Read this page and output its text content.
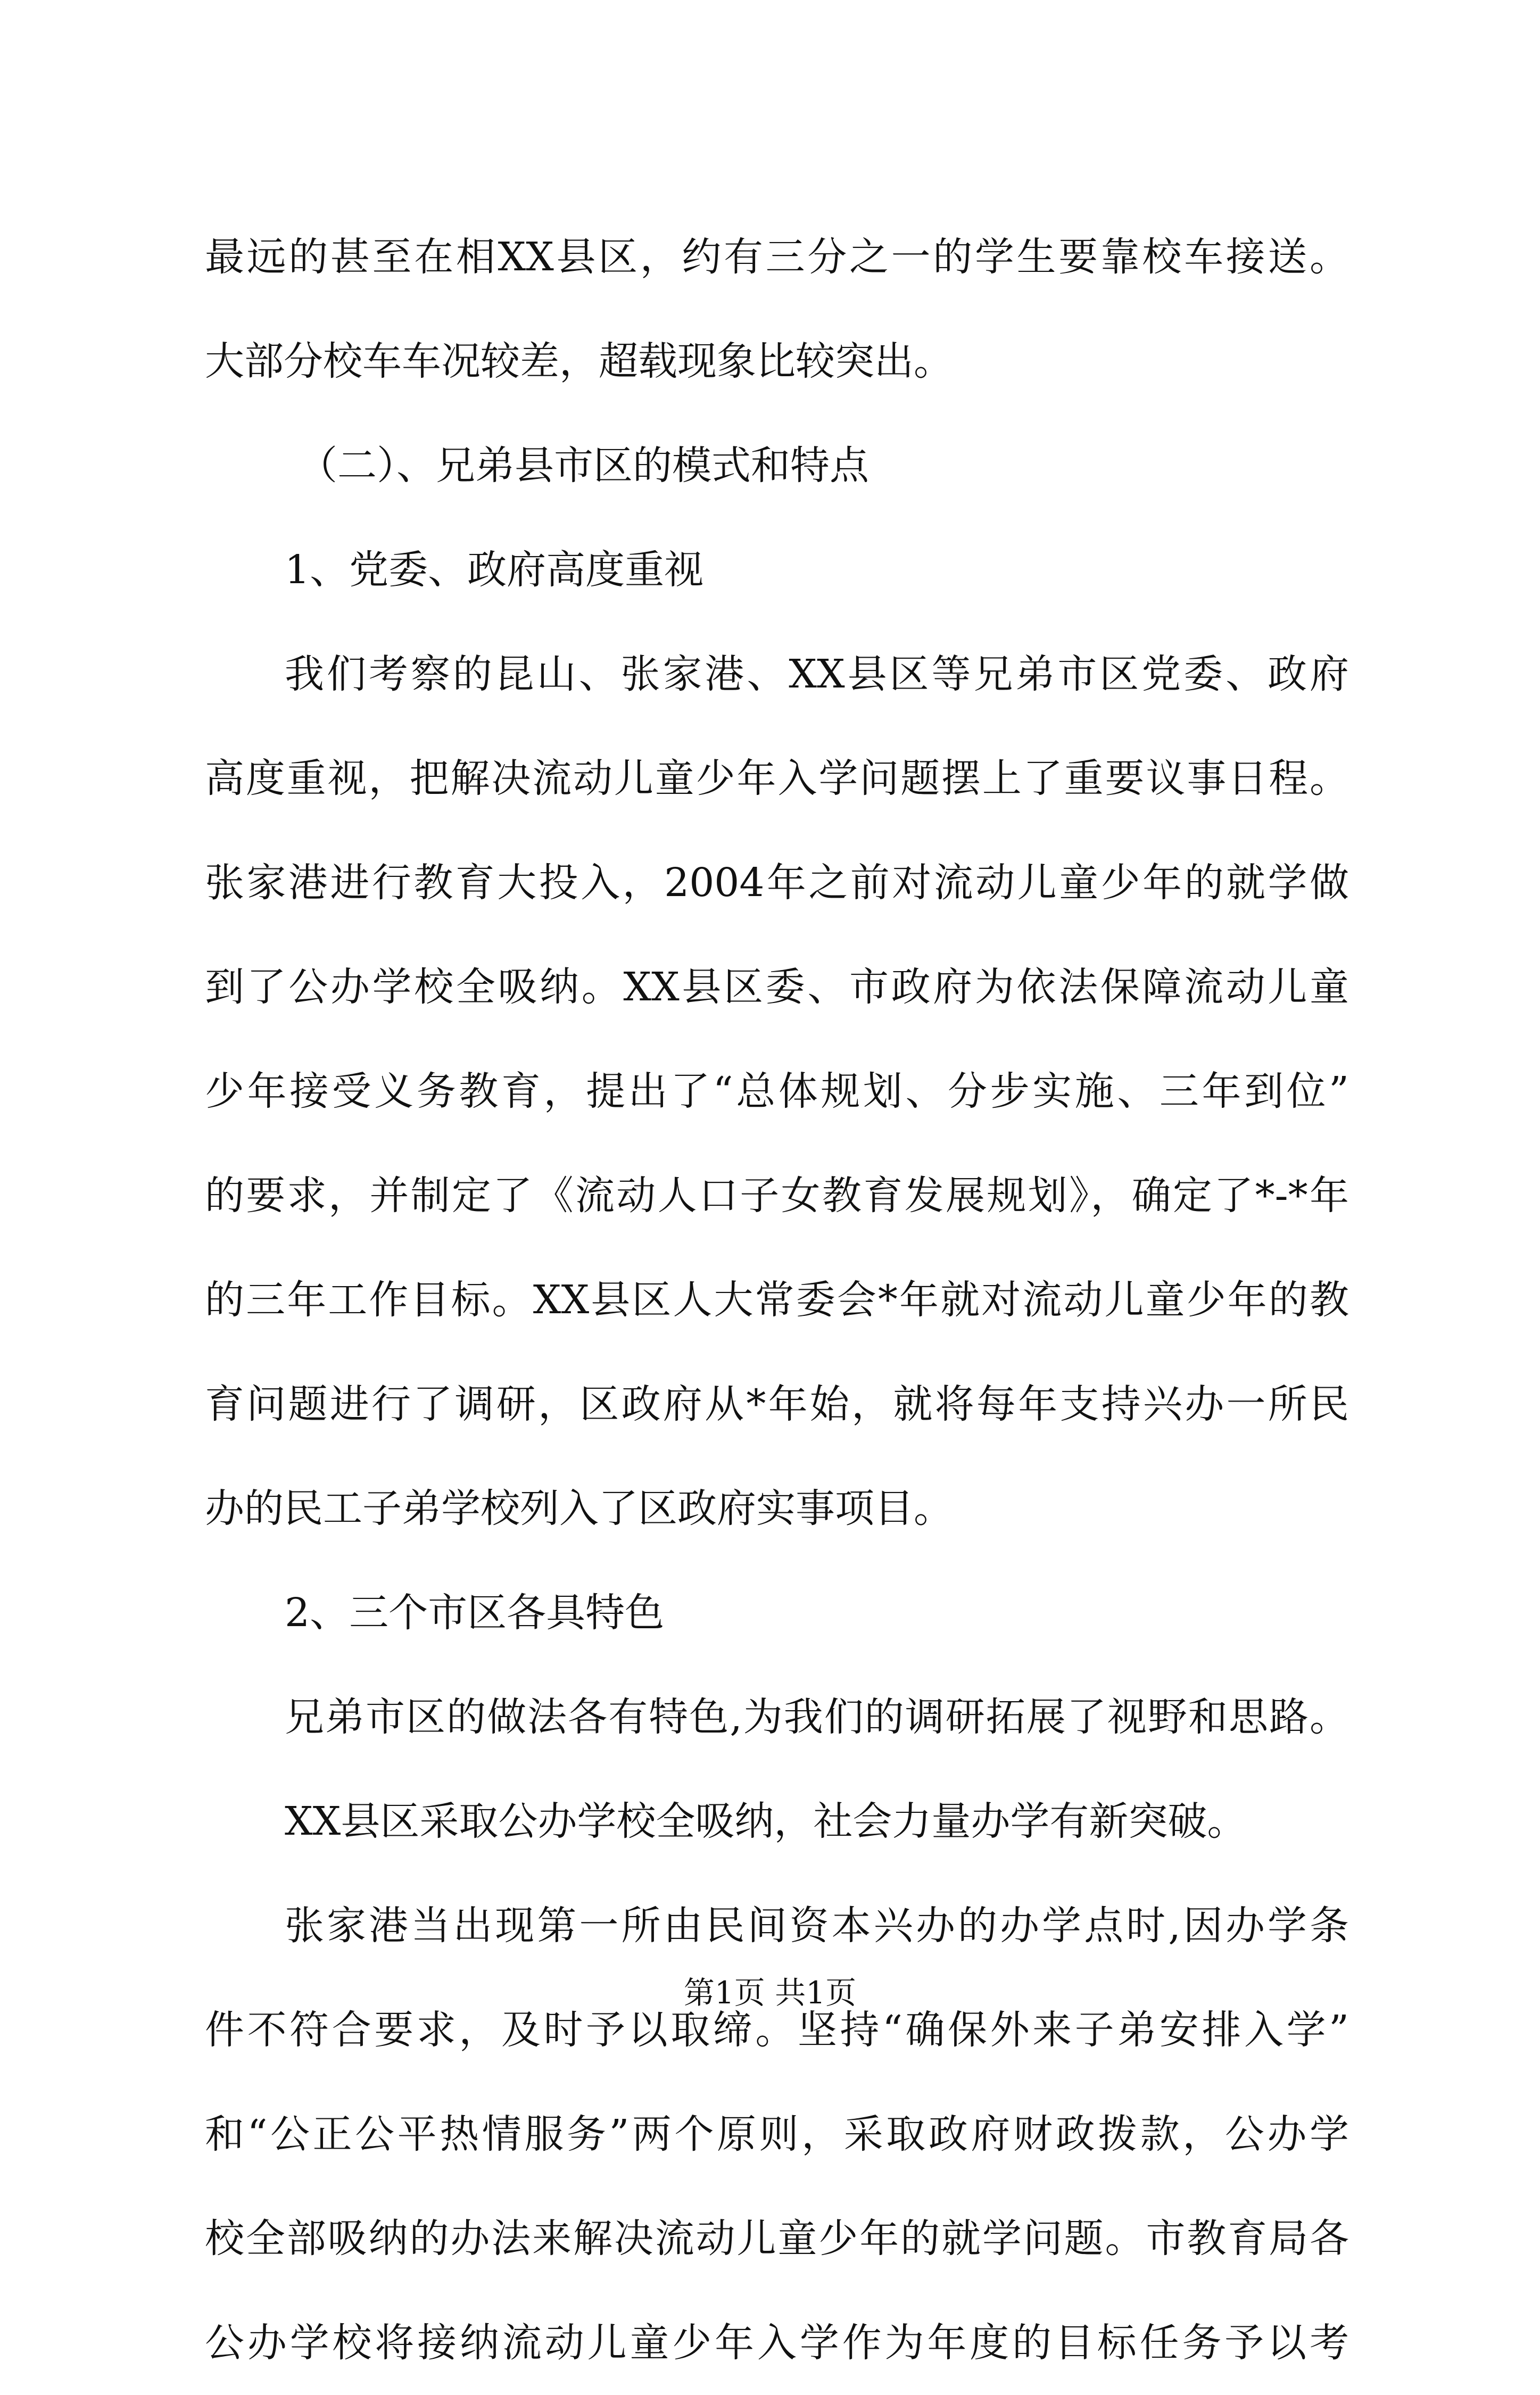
最远的甚至在相XX县区，约有三分之一的学生要靠校车接送。
大部分校车车况较差，超载现象比较突出。
（二）、兄弟县市区的模式和特点
1、党委、政府高度重视
我们考察的昆山、张家港、XX县区等兄弟市区党委、政府
高度重视，把解决流动儿童少年入学问题摆上了重要议事日程。
张家港进行教育大投入，2004年之前对流动儿童少年的就学做
到了公办学校全吸纳。XX县区委、市政府为依法保障流动儿童
少年接受义务教育，提出了“总体规划、分步实施、三年到位”
的要求，并制定了《流动人口子女教育发展规划》，确定了*-*年
的三年工作目标。XX县区人大常委会*年就对流动儿童少年的教
育问题进行了调研，区政府从*年始，就将每年支持兴办一所民
办的民工子弟学校列入了区政府实事项目。
2、三个市区各具特色
兄弟市区的做法各有特色,为我们的调研拓展了视野和思路。
XX县区采取公办学校全吸纳，社会力量办学有新突破。
张家港当出现第一所由民间资本兴办的办学点时,因办学条
件不符合要求，及时予以取缔。坚持“确保外来子弟安排入学”
和“公正公平热情服务”两个原则，采取政府财政拨款，公办学
校全部吸纳的办法来解决流动儿童少年的就学问题。市教育局各
公办学校将接纳流动儿童少年入学作为年度的目标任务予以考
第1页 共1页
